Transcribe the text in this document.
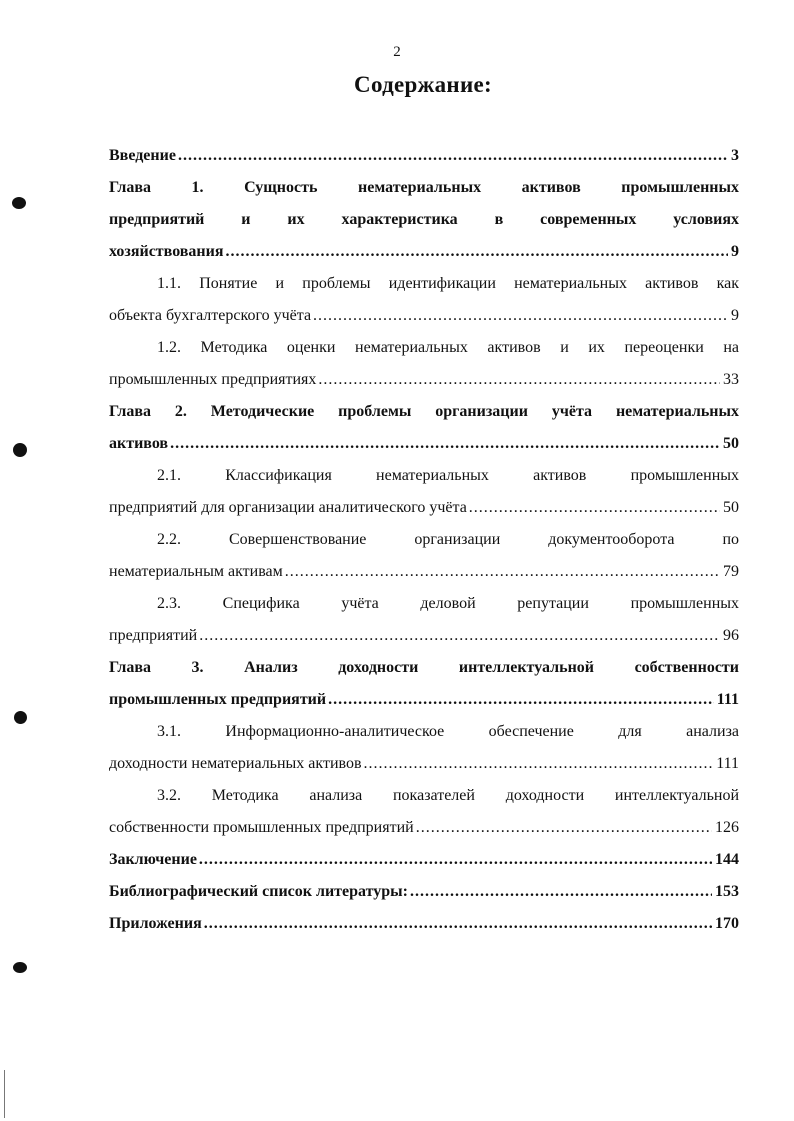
2
Содержание:
Введение .....	3
Глава 1. Сущность нематериальных активов промышленных
предприятий и их характеристика в современных условиях
хозяйствования .....	9
1.1. Понятие и проблемы идентификации нематериальных активов как
объекта бухгалтерского учёта .....	9
1.2. Методика оценки нематериальных активов и их переоценки на
промышленных предприятиях .....	33
Глава 2. Методические проблемы организации учёта нематериальных
активов .....	50
2.1. Классификация нематериальных активов промышленных
предприятий для организации аналитического учёта .....	50
2.2. Совершенствование организации документооборота по
нематериальным активам .....	79
2.3. Специфика учёта деловой репутации промышленных
предприятий .....	96
Глава 3. Анализ доходности интеллектуальной собственности
промышленных предприятий .....	111
3.1. Информационно-аналитическое обеспечение для анализа
доходности нематериальных активов .....	111
3.2. Методика анализа показателей доходности интеллектуальной
собственности промышленных предприятий .....	126
Заключение .....	144
Библиографический список литературы: .....	153
Приложения .....	170
